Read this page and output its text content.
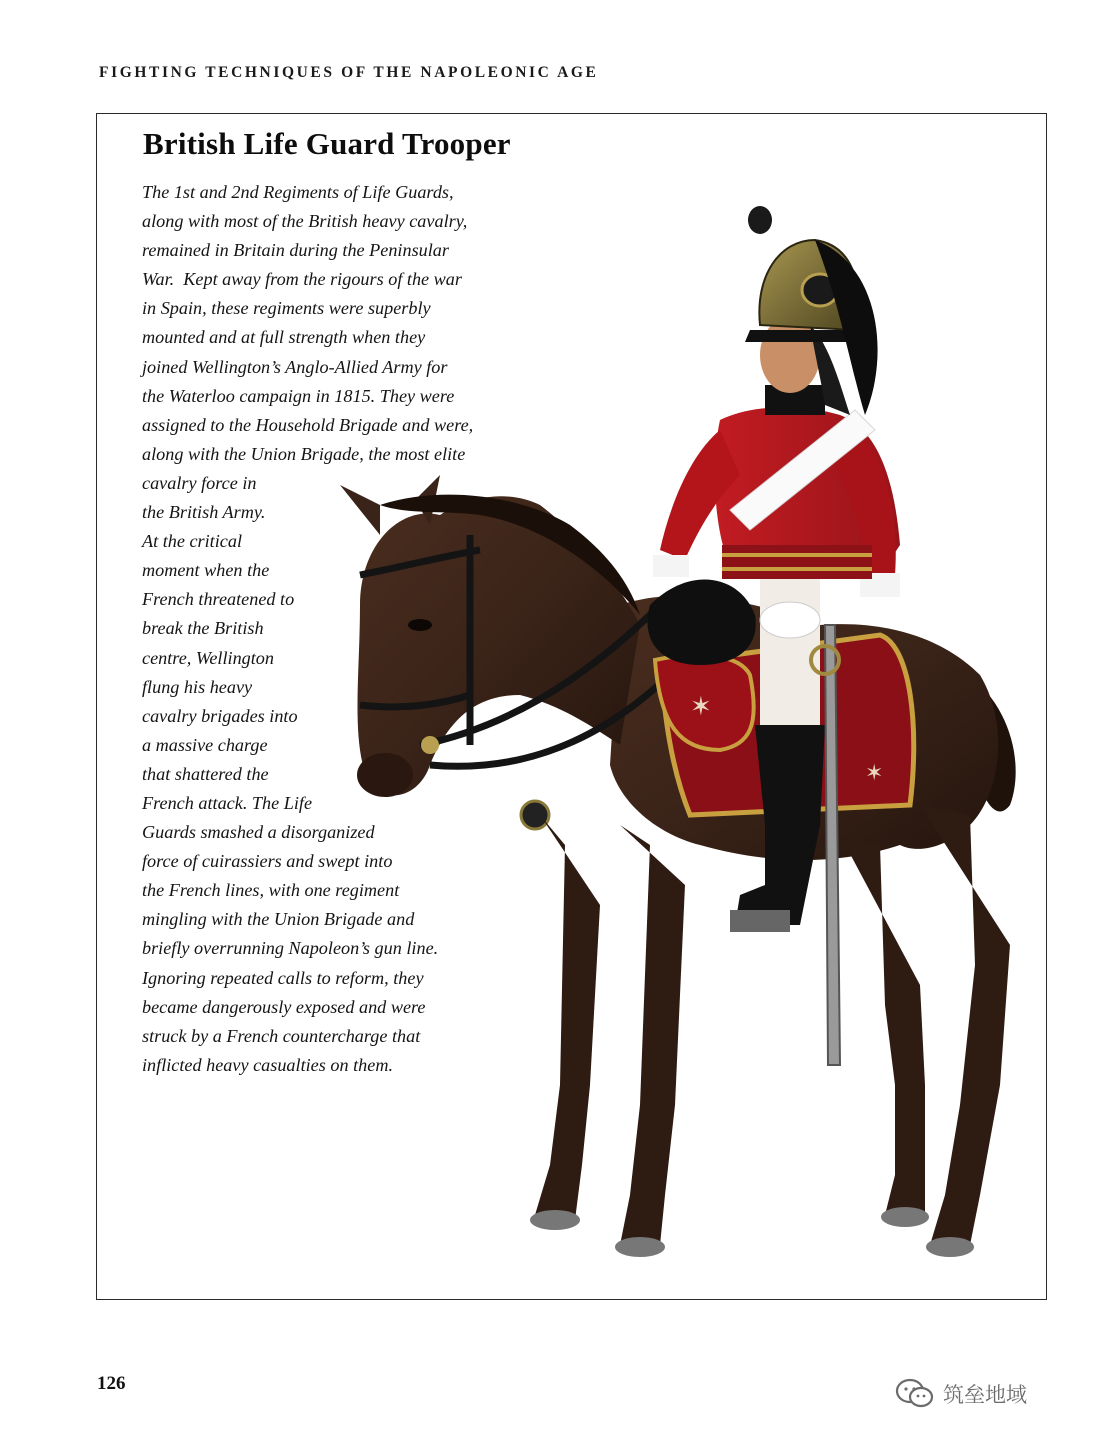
FIGHTING TECHNIQUES OF THE NAPOLEONIC AGE
British Life Guard Trooper
The 1st and 2nd Regiments of Life Guards,
along with most of the British heavy cavalry,
remained in Britain during the Peninsular
War.  Kept away from the rigours of the war
in Spain, these regiments were superbly
mounted and at full strength when they
joined Wellington’s Anglo-Allied Army for
the Waterloo campaign in 1815. They were
assigned to the Household Brigade and were,
along with the Union Brigade, the most elite
cavalry force in
the British Army.
At the critical
moment when the
French threatened to
break the British
centre, Wellington
flung his heavy
cavalry brigades into
a massive charge
that shattered the
French attack. The Life
Guards smashed a disorganized
force of cuirassiers and swept into
the French lines, with one regiment
mingling with the Union Brigade and
briefly overrunning Napoleon’s gun line.
Ignoring repeated calls to reform, they
became dangerously exposed and were
struck by a French countercharge that
inflicted heavy casualties on them.
✶
✶
126	筑垒地域
